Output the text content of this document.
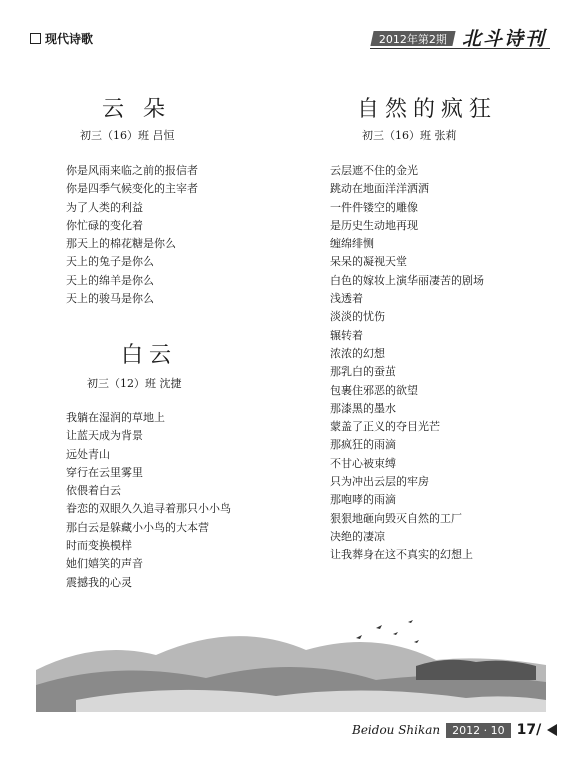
现代诗歌	2012年第2期 北斗诗刊
云 朵
初三（16）班 吕恒
你是风雨来临之前的报信者
你是四季气候变化的主宰者
为了人类的利益
你忙碌的变化着
那天上的棉花糖是你么
天上的兔子是你么
天上的绵羊是你么
天上的骏马是你么
白云
初三（12）班 沈捷
我躺在湿润的草地上
让蓝天成为背景
远处青山
穿行在云里雾里
依偎着白云
眷恋的双眼久久追寻着那只小小鸟
那白云是躲藏小小鸟的大本营
时而变换模样
她们嬉笑的声音
震撼我的心灵
自然的疯狂
初三（16）班 张莉
云层遮不住的金光
跳动在地面洋洋洒洒
一件件镂空的雕像
是历史生动地再现
缠绵绯恻
呆呆的凝视天堂
白色的嫁妆上演华丽凄苦的剧场
浅透着
淡淡的忧伤
辗转着
浓浓的幻想
那乳白的蚕茧
包裹住邪恶的欲望
那漆黑的墨水
蒙盖了正义的夺目光芒
那疯狂的雨滴
不甘心被束缚
只为冲出云层的牢房
那咆哮的雨滴
狠狠地砸向毁灭自然的工厂
决绝的凄凉
让我葬身在这不真实的幻想上
Beidou Shikan	2012 · 10 17/
